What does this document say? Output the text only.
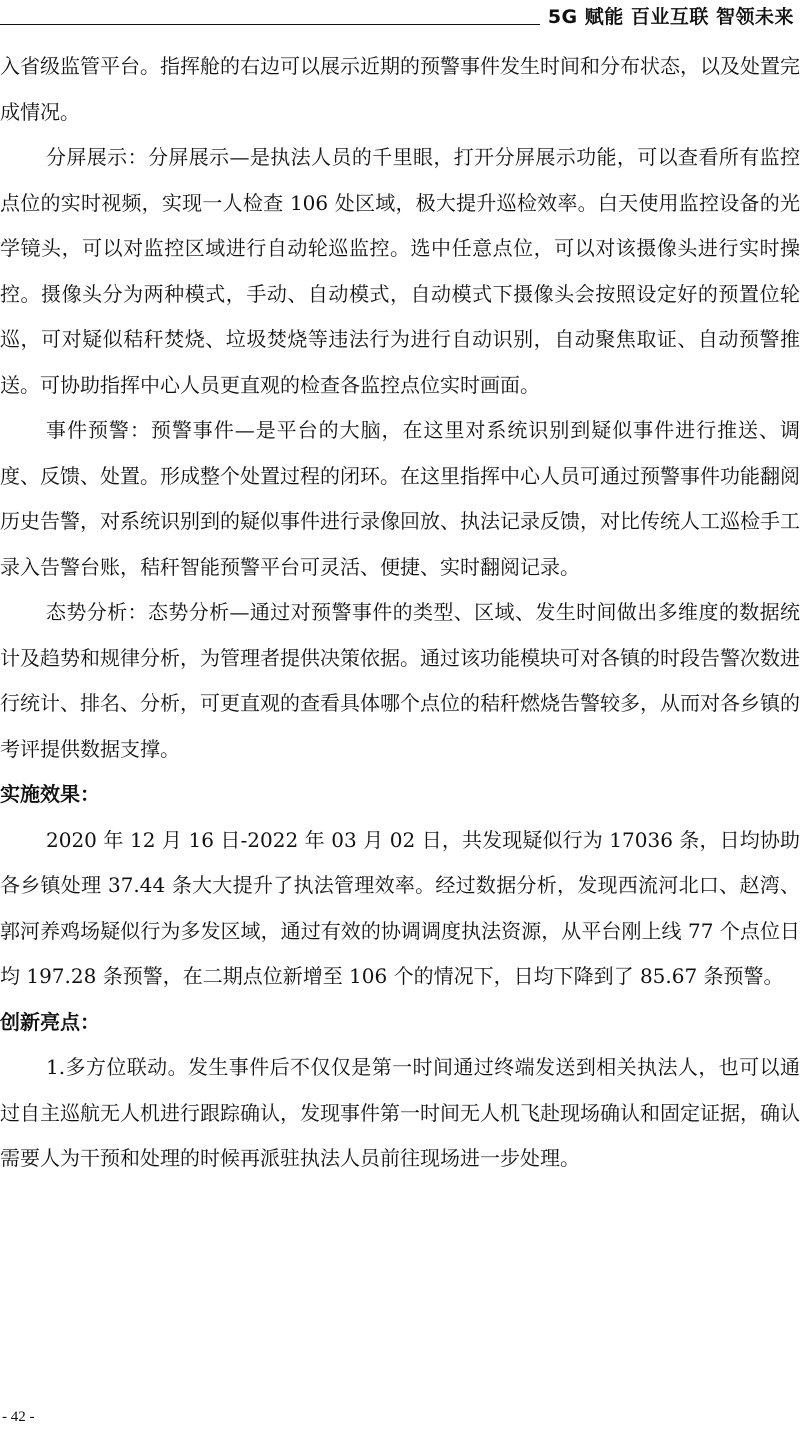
5G 赋能 百业互联 智领未来

入省级监管平台。指挥舱的右边可以展示近期的预警事件发生时间和分布状态，以及处置完成情况。

分屏展示：分屏展示—是执法人员的千里眼，打开分屏展示功能，可以查看所有监控点位的实时视频，实现一人检查 106 处区域，极大提升巡检效率。白天使用监控设备的光学镜头，可以对监控区域进行自动轮巡监控。选中任意点位，可以对该摄像头进行实时操控。摄像头分为两种模式，手动、自动模式，自动模式下摄像头会按照设定好的预置位轮巡，可对疑似秸秆焚烧、垃圾焚烧等违法行为进行自动识别，自动聚焦取证、自动预警推送。可协助指挥中心人员更直观的检查各监控点位实时画面。

事件预警：预警事件—是平台的大脑，在这里对系统识别到疑似事件进行推送、调度、反馈、处置。形成整个处置过程的闭环。在这里指挥中心人员可通过预警事件功能翻阅历史告警，对系统识别到的疑似事件进行录像回放、执法记录反馈，对比传统人工巡检手工录入告警台账，秸秆智能预警平台可灵活、便捷、实时翻阅记录。

态势分析：态势分析—通过对预警事件的类型、区域、发生时间做出多维度的数据统计及趋势和规律分析，为管理者提供决策依据。通过该功能模块可对各镇的时段告警次数进行统计、排名、分析，可更直观的查看具体哪个点位的秸秆燃烧告警较多，从而对各乡镇的考评提供数据支撑。

实施效果：

2020 年 12 月 16 日-2022 年 03 月 02 日，共发现疑似行为 17036 条，日均协助各乡镇处理 37.44 条大大提升了执法管理效率。经过数据分析，发现西流河北口、赵湾、郭河养鸡场疑似行为多发区域，通过有效的协调调度执法资源，从平台刚上线 77 个点位日均 197.28 条预警，在二期点位新增至 106 个的情况下，日均下降到了 85.67 条预警。

创新亮点：

1.多方位联动。发生事件后不仅仅是第一时间通过终端发送到相关执法人，也可以通过自主巡航无人机进行跟踪确认，发现事件第一时间无人机飞赴现场确认和固定证据，确认需要人为干预和处理的时候再派驻执法人员前往现场进一步处理。

- 42 -
